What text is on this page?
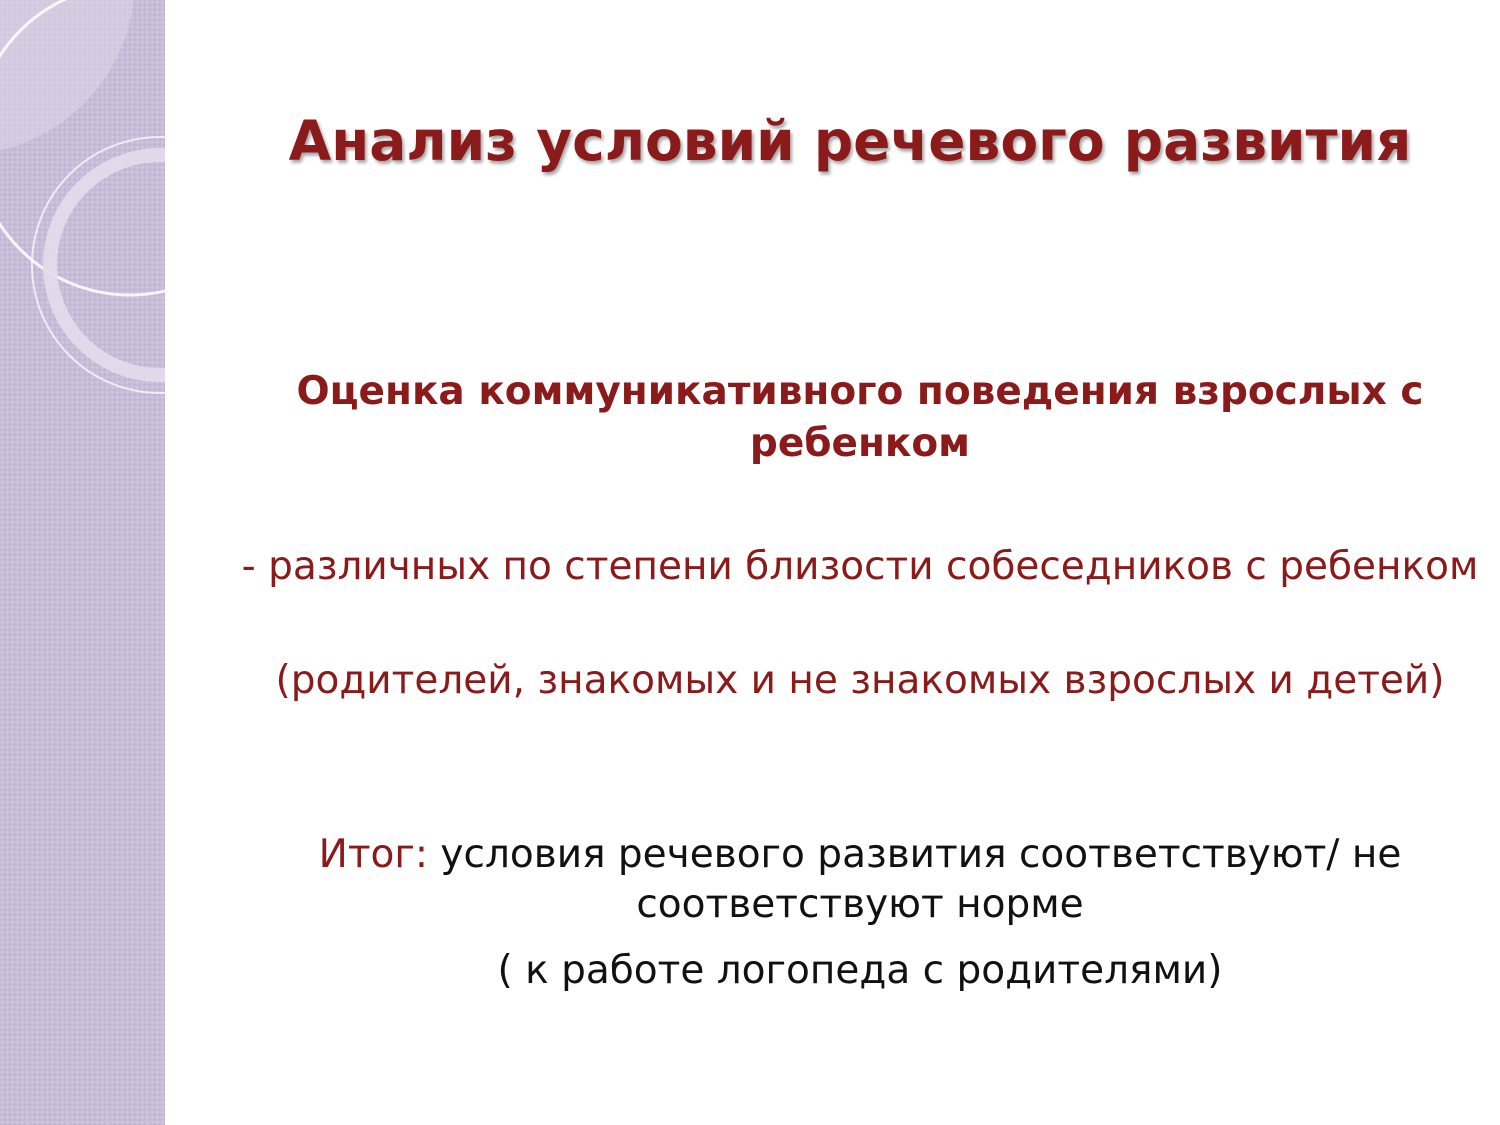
Анализ условий речевого развития
Оценка коммуникативного поведения взрослых с ребенком
- различных по степени близости собеседников с ребенком
(родителей, знакомых и не знакомых взрослых и детей)
Итог: условия речевого развития соответствуют/ не соответствуют норме
( к работе логопеда с родителями)
